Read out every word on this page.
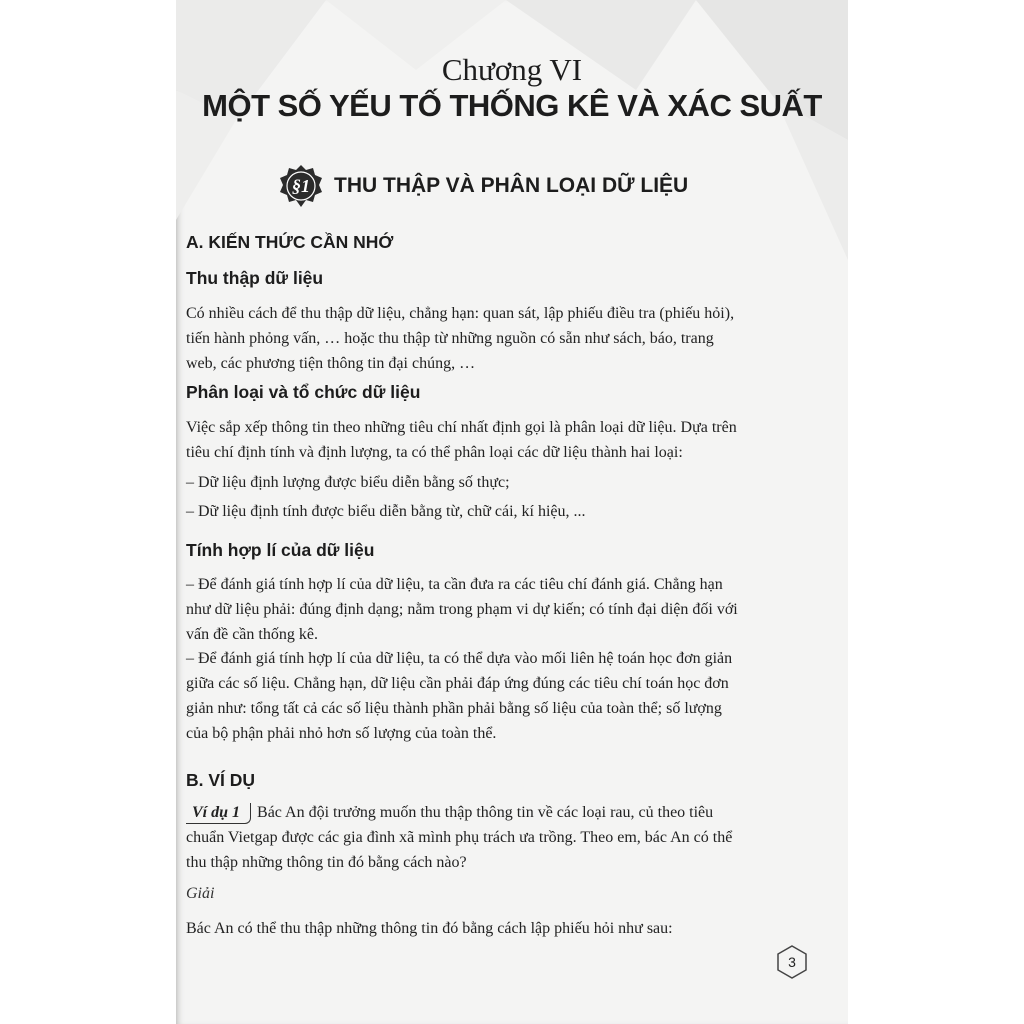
Chương VI
MỘT SỐ YẾU TỐ THỐNG KÊ VÀ XÁC SUẤT
§1	THU THẬP VÀ PHÂN LOẠI DỮ LIỆU
A. KIẾN THỨC CẦN NHỚ
Thu thập dữ liệu
Có nhiều cách để thu thập dữ liệu, chẳng hạn: quan sát, lập phiếu điều tra (phiếu hỏi),
tiến hành phỏng vấn, … hoặc thu thập từ những nguồn có sẵn như sách, báo, trang
web, các phương tiện thông tin đại chúng, …
Phân loại và tổ chức dữ liệu
Việc sắp xếp thông tin theo những tiêu chí nhất định gọi là phân loại dữ liệu. Dựa trên
tiêu chí định tính và định lượng, ta có thể phân loại các dữ liệu thành hai loại:
– Dữ liệu định lượng được biểu diễn bằng số thực;
– Dữ liệu định tính được biểu diễn bằng từ, chữ cái, kí hiệu, ...
Tính hợp lí của dữ liệu
– Để đánh giá tính hợp lí của dữ liệu, ta cần đưa ra các tiêu chí đánh giá. Chẳng hạn
như dữ liệu phải: đúng định dạng; nằm trong phạm vi dự kiến; có tính đại diện đối với
vấn đề cần thống kê.
– Để đánh giá tính hợp lí của dữ liệu, ta có thể dựa vào mối liên hệ toán học đơn giản
giữa các số liệu. Chẳng hạn, dữ liệu cần phải đáp ứng đúng các tiêu chí toán học đơn
giản như: tổng tất cả các số liệu thành phần phải bằng số liệu của toàn thể; số lượng
của bộ phận phải nhỏ hơn số lượng của toàn thể.
B. VÍ DỤ
Ví dụ 1 Bác An đội trưởng muốn thu thập thông tin về các loại rau, củ theo tiêu
chuẩn Vietgap được các gia đình xã mình phụ trách ưa trồng. Theo em, bác An có thể
thu thập những thông tin đó bằng cách nào?
Giải
Bác An có thể thu thập những thông tin đó bằng cách lập phiếu hỏi như sau:
3
